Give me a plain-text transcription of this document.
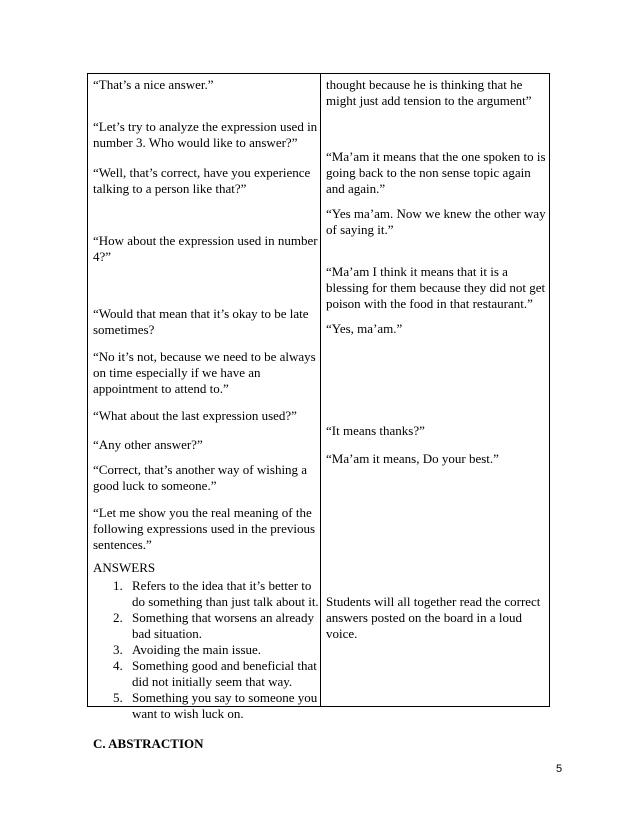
“That’s a nice answer.”

“Let’s try to analyze the expression used in
number 3. Who would like to answer?”

“Well, that’s correct, have you experience
talking to a person like that?”

“How about the expression used in number
4?”

“Would that mean that it’s okay to be late
sometimes?

“No it’s not, because we need to be always
on time especially if we have an
appointment to attend to.”

“What about the last expression used?”

“Any other answer?”

“Correct, that’s another way of wishing a
good luck to someone.”

“Let me show you the real meaning of the
following expressions used in the previous
sentences.”

ANSWERS

1. Refers to the idea that it’s better to
do something than just talk about it.

2. Something that worsens an already
bad situation.

3. Avoiding the main issue.

4. Something good and beneficial that
did not initially seem that way.

5. Something you say to someone you
want to wish luck on.

thought because he is thinking that he
might just add tension to the argument”

“Ma’am it means that the one spoken to is
going back to the non sense topic again
and again.”

“Yes ma’am. Now we knew the other way
of saying it.”

“Ma’am I think it means that it is a
blessing for them because they did not get
poison with the food in that restaurant.”

“Yes, ma’am.”

“It means thanks?”

“Ma’am it means, Do your best.”

Students will all together read the correct
answers posted on the board in a loud
voice.

C. ABSTRACTION

5
